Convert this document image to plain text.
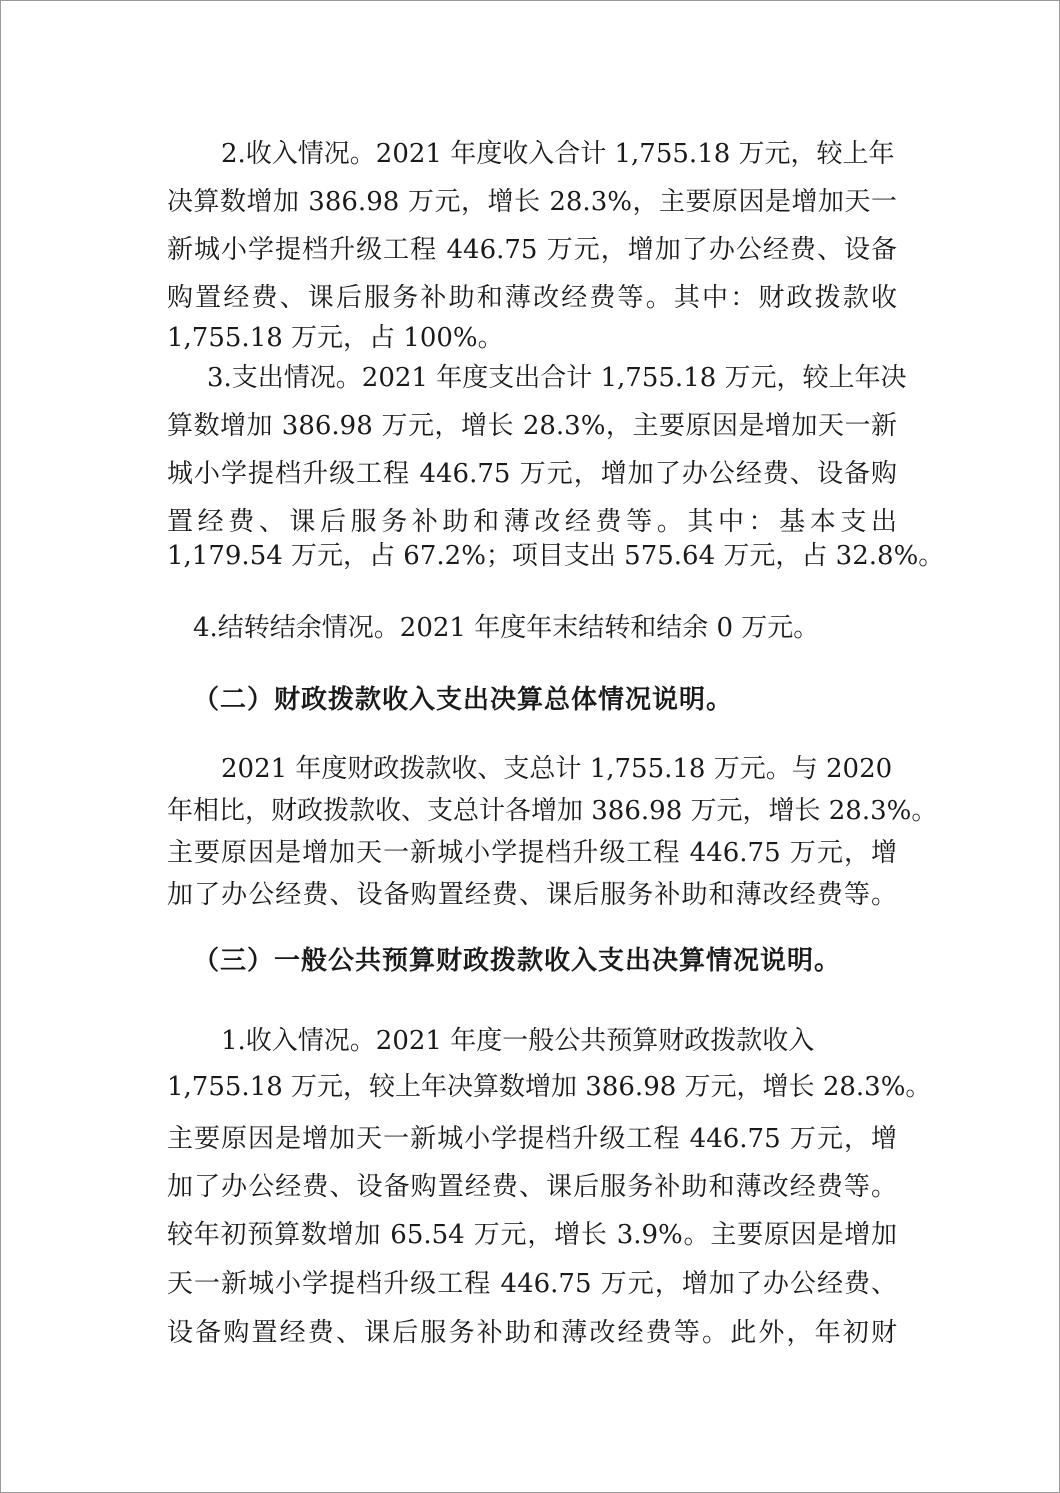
2.收入情况。2021 年度收入合计 1,755.18 万元，较上年

决算数增加 386.98 万元，增长 28.3%，主要原因是增加天一

新城小学提档升级工程 446.75 万元，增加了办公经费、设备

购置经费、课后服务补助和薄改经费等。其中：财政拨款收

1,755.18 万元，占 100%。

3.支出情况。2021 年度支出合计 1,755.18 万元，较上年决

算数增加 386.98 万元，增长 28.3%，主要原因是增加天一新

城小学提档升级工程 446.75 万元，增加了办公经费、设备购

置经费、课后服务补助和薄改经费等。其中：基本支出

1,179.54 万元，占 67.2%；项目支出 575.64 万元，占 32.8%。

4.结转结余情况。2021 年度年末结转和结余 0 万元。

（二）财政拨款收入支出决算总体情况说明。

2021 年度财政拨款收、支总计 1,755.18 万元。与 2020

年相比，财政拨款收、支总计各增加 386.98 万元，增长 28.3%。

主要原因是增加天一新城小学提档升级工程 446.75 万元，增

加了办公经费、设备购置经费、课后服务补助和薄改经费等。

（三）一般公共预算财政拨款收入支出决算情况说明。

1.收入情况。2021 年度一般公共预算财政拨款收入

1,755.18 万元，较上年决算数增加 386.98 万元，增长 28.3%。

主要原因是增加天一新城小学提档升级工程 446.75 万元，增

加了办公经费、设备购置经费、课后服务补助和薄改经费等。

较年初预算数增加 65.54 万元，增长 3.9%。主要原因是增加

天一新城小学提档升级工程 446.75 万元，增加了办公经费、

设备购置经费、课后服务补助和薄改经费等。此外，年初财
